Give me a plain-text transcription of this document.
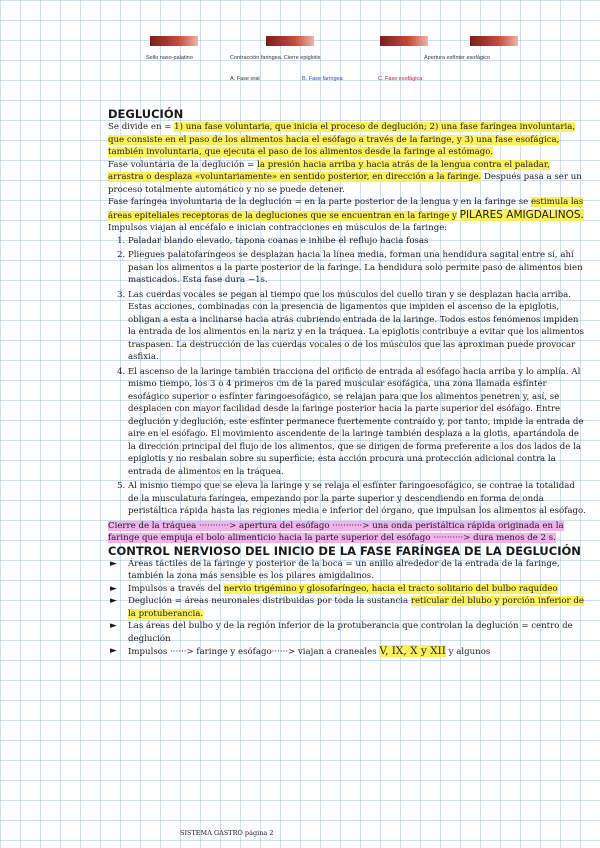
Sello naso-palatino	Contracción faringea. Cierre epiglotis	Apertura esfínter esofágico
A. Fase oral	B. Fase faríngea	C. Fase esofágica
DEGLUCIÓN

Se divide en = 1) una fase voluntaria, que inicia el proceso de deglución; 2) una fase faríngea involuntaria, que consiste en el paso de los alimentos hacia el esófago a través de la faringe, y 3) una fase esofágica, también involuntaria, que ejecuta el paso de los alimentos desde la faringe al estómago.

Fase voluntaria de la deglución = la presión hacia arriba y hacia atrás de la lengua contra el paladar, arrastra o desplaza «voluntariamente» en sentido posterior, en dirección a la faringe. Después pasa a ser un proceso totalmente automático y no se puede detener.

Fase faríngea involuntaria de la deglución = en la parte posterior de la lengua y en la faringe se estimula las áreas epiteliales receptoras de la degluciones que se encuentran en la faringe y PILARES AMIGDALINOS. Impulsos viajan al encéfalo e inician contracciones en músculos de la faringe:

1. Paladar blando elevado, tapona coanas e inhibe el reflujo hacia fosas
2. Pliegues palatofaríngeos se desplazan hacia la línea media, forman una hendidura sagital entre sí, ahí pasan los alimentos a la parte posterior de la faringe. La hendidura solo permite paso de alimentos bien masticados. Esta fase dura ~1s.
3. Las cuerdas vocales se pegan al tiempo que los músculos del cuello tiran y se desplazan hacia arriba. Estas acciones, combinadas con la presencia de ligamentos que impiden el ascenso de la epiglotis, obligan a esta a inclinarse hacia atrás cubriendo entrada de la laringe. Todos estos fenómenos impiden la entrada de los alimentos en la nariz y en la tráquea. La epiglotis contribuye a evitar que los alimentos traspasen. La destrucción de las cuerdas vocales o de los músculos que las aproximan puede provocar asfixia.
4. El ascenso de la laringe también tracciona del orificio de entrada al esófago hacia arriba y lo amplía. Al mismo tiempo, los 3 o 4 primeros cm de la pared muscular esofágica, una zona llamada esfínter esofágico superior o esfínter faringoesofágico, se relajan para que los alimentos penetren y, así, se desplacen con mayor facilidad desde la faringe posterior hacia la parte superior del esófago. Entre deglución y deglución, este esfínter permanece fuertemente contraído y, por tanto, impide la entrada de aire en el esófago. El movimiento ascendente de la laringe también desplaza a la glotis, apartándola de la dirección principal del flujo de los alimentos, que se dirigen de forma preferente a los dos lados de la epiglotis y no resbalan sobre su superficie; esta acción procura una protección adicional contra la entrada de alimentos en la tráquea.
5. Al mismo tiempo que se eleva la laringe y se relaja el esfínter faringoesofágico, se contrae la totalidad de la musculatura faríngea, empezando por la parte superior y descendiendo en forma de onda peristáltica rápida hasta las regiones media e inferior del órgano, que impulsan los alimentos al esófago.

Cierre de la tráquea ···········> apertura del esófago ···········> una onda peristáltica rápida originada en la faringe que empuja el bolo alimenticio hacia la parte superior del esófago ···········> dura menos de 2 s.

CONTROL NERVIOSO DEL INICIO DE LA FASE FARÍNGEA DE LA DEGLUCIÓN
► Áreas táctiles de la faringe y posterior de la boca = un anillo alrededor de la entrada de la faringe, también la zona más sensible es los pilares amigdalinos.
► Impulsos a través del nervio trigémino y glosofaríngeo, hacia el tracto solitario del bulbo raquídeo
► Deglución = áreas neuronales distribuidas por toda la sustancia reticular del blubo y porción inferior de la protuberancia.
► Las áreas del bulbo y de la región inferior de la protuberancia que controlan la deglución = centro de deglución
► Impulsos ······> faringe y esófago······> viajan a craneales V, IX, X y XII y algunos
SISTEMA GASTRO página 2
